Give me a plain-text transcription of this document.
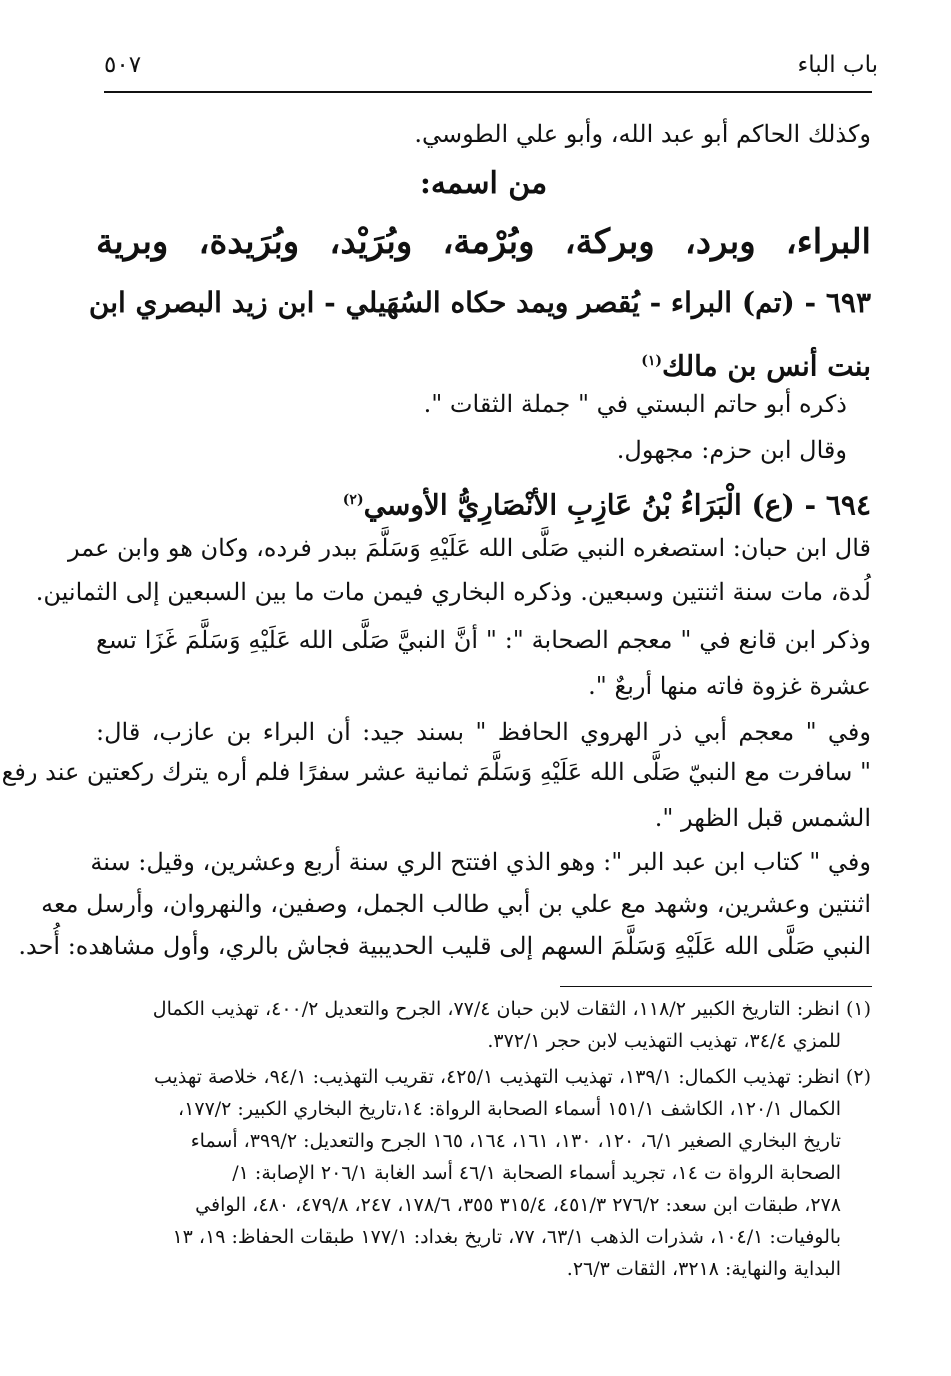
باب الباء
٥٠٧
وكذلك الحاكم أبو عبد الله، وأبو علي الطوسي.
من اسمه:
البراء، وبرد، وبركة، وبُرْمة، وبُرَيْد، وبُرَيدة، وبرية
٦٩٣ - (تم) البراء - يُقصر ويمد حكاه السُهَيلي - ابن زيد البصري ابن
بنت أنس بن مالك$^{(١)}$
ذكره أبو حاتم البستي في " جملة الثقات ".
وقال ابن حزم: مجهول.
٦٩٤ - (ع) الْبَرَاءُ بْنُ عَازِبِ الأنْصَارِيُّ الأوسي$^{(٢)}$
قال ابن حبان: استصغره النبي صَلَّى الله عَلَيْهِ وَسَلَّمَ ببدر فرده، وكان هو وابن عمر
لُدة، مات سنة اثنتين وسبعين. وذكره البخاري فيمن مات ما بين السبعين إلى الثمانين.
وذكر ابن قانع في " معجم الصحابة ": " أنَّ النبيَّ صَلَّى الله عَلَيْهِ وَسَلَّمَ غَزَا تسع
عشرة غزوة فاته منها أربعٌ ".
وفي " معجم أبي ذر الهروي الحافظ " بسند جيد: أن البراء بن عازب، قال:
" سافرت مع النبيّ صَلَّى الله عَلَيْهِ وَسَلَّمَ ثمانية عشر سفرًا فلم أره يترك ركعتين عند رفع
الشمس قبل الظهر ".
وفي " كتاب ابن عبد البر ": وهو الذي افتتح الري سنة أربع وعشرين، وقيل: سنة
اثنتين وعشرين، وشهد مع علي بن أبي طالب الجمل، وصفين، والنهروان، وأرسل معه
النبي صَلَّى الله عَلَيْهِ وَسَلَّمَ السهم إلى قليب الحديبية فجاش بالري، وأول مشاهده: أُحد.
(١) انظر: التاريخ الكبير ١١٨/٢، الثقات لابن حبان ٧٧/٤، الجرح والتعديل ٤٠٠/٢، تهذيب الكمال
للمزي ٣٤/٤، تهذيب التهذيب لابن حجر ٣٧٢/١.
(٢) انظر: تهذيب الكمال: ١٣٩/١، تهذيب التهذيب ٤٢٥/١، تقريب التهذيب: ٩٤/١، خلاصة تهذيب
الكمال ١٢٠/١، الكاشف ١٥١/١ أسماء الصحابة الرواة: ١٤،تاريخ البخاري الكبير: ١٧٧/٢،
تاريخ البخاري الصغير ٦/١، ١٢٠، ١٣٠، ١٦١، ١٦٤، ١٦٥ الجرح والتعديل: ٣٩٩/٢، أسماء
الصحابة الرواة ت ١٤، تجريد أسماء الصحابة ٤٦/١ أسد الغابة ٢٠٦/١ الإصابة: ١/
٢٧٨، طبقات ابن سعد: ٢٧٦/٢ ٤٥١/٣، ٣١٥/٤ ٣٥٥، ١٧٨/٦، ٢٤٧، ٤٧٩/٨، ٤٨٠، الوافي
بالوفيات: ١٠٤/١، شذرات الذهب ٦٣/١، ٧٧، تاريخ بغداد: ١٧٧/١ طبقات الحفاظ: ١٩، ١٣
البداية والنهاية: ٣٢١٨، الثقات ٢٦/٣.
